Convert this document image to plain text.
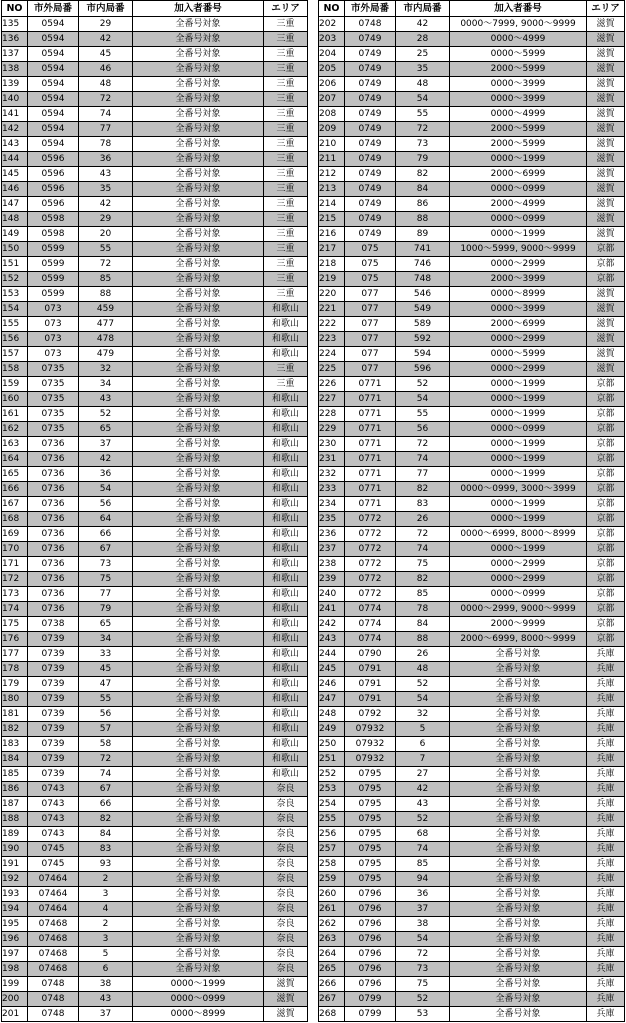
NO	市外局番	市内局番	加入者番号	エリア
135	0594	29	全番号対象	三重
136	0594	42	全番号対象	三重
137	0594	45	全番号対象	三重
138	0594	46	全番号対象	三重
139	0594	48	全番号対象	三重
140	0594	72	全番号対象	三重
141	0594	74	全番号対象	三重
142	0594	77	全番号対象	三重
143	0594	78	全番号対象	三重
144	0596	36	全番号対象	三重
145	0596	43	全番号対象	三重
146	0596	35	全番号対象	三重
147	0596	42	全番号対象	三重
148	0598	29	全番号対象	三重
149	0598	20	全番号対象	三重
150	0599	55	全番号対象	三重
151	0599	72	全番号対象	三重
152	0599	85	全番号対象	三重
153	0599	88	全番号対象	三重
154	073	459	全番号対象	和歌山
155	073	477	全番号対象	和歌山
156	073	478	全番号対象	和歌山
157	073	479	全番号対象	和歌山
158	0735	32	全番号対象	三重
159	0735	34	全番号対象	三重
160	0735	43	全番号対象	和歌山
161	0735	52	全番号対象	和歌山
162	0735	65	全番号対象	和歌山
163	0736	37	全番号対象	和歌山
164	0736	42	全番号対象	和歌山
165	0736	36	全番号対象	和歌山
166	0736	54	全番号対象	和歌山
167	0736	56	全番号対象	和歌山
168	0736	64	全番号対象	和歌山
169	0736	66	全番号対象	和歌山
170	0736	67	全番号対象	和歌山
171	0736	73	全番号対象	和歌山
172	0736	75	全番号対象	和歌山
173	0736	77	全番号対象	和歌山
174	0736	79	全番号対象	和歌山
175	0738	65	全番号対象	和歌山
176	0739	34	全番号対象	和歌山
177	0739	33	全番号対象	和歌山
178	0739	45	全番号対象	和歌山
179	0739	47	全番号対象	和歌山
180	0739	55	全番号対象	和歌山
181	0739	56	全番号対象	和歌山
182	0739	57	全番号対象	和歌山
183	0739	58	全番号対象	和歌山
184	0739	72	全番号対象	和歌山
185	0739	74	全番号対象	和歌山
186	0743	67	全番号対象	奈良
187	0743	66	全番号対象	奈良
188	0743	82	全番号対象	奈良
189	0743	84	全番号対象	奈良
190	0745	83	全番号対象	奈良
191	0745	93	全番号対象	奈良
192	07464	2	全番号対象	奈良
193	07464	3	全番号対象	奈良
194	07464	4	全番号対象	奈良
195	07468	2	全番号対象	奈良
196	07468	3	全番号対象	奈良
197	07468	5	全番号対象	奈良
198	07468	6	全番号対象	奈良
199	0748	38	0000～1999	滋賀
200	0748	43	0000～0999	滋賀
201	0748	37	0000～8999	滋賀
NO	市外局番	市内局番	加入者番号	エリア
202	0748	42	0000～7999, 9000～9999	滋賀
203	0749	28	0000～4999	滋賀
204	0749	25	0000～5999	滋賀
205	0749	35	2000～5999	滋賀
206	0749	48	0000～3999	滋賀
207	0749	54	0000～3999	滋賀
208	0749	55	0000～4999	滋賀
209	0749	72	2000～5999	滋賀
210	0749	73	2000～5999	滋賀
211	0749	79	0000～1999	滋賀
212	0749	82	2000～6999	滋賀
213	0749	84	0000～0999	滋賀
214	0749	86	2000～4999	滋賀
215	0749	88	0000～0999	滋賀
216	0749	89	0000～1999	滋賀
217	075	741	1000～5999, 9000～9999	京都
218	075	746	0000～2999	京都
219	075	748	2000～3999	京都
220	077	546	0000～8999	滋賀
221	077	549	0000～3999	滋賀
222	077	589	2000～6999	滋賀
223	077	592	0000～2999	滋賀
224	077	594	0000～5999	滋賀
225	077	596	0000～2999	滋賀
226	0771	52	0000～1999	京都
227	0771	54	0000～1999	京都
228	0771	55	0000～1999	京都
229	0771	56	0000～0999	京都
230	0771	72	0000～1999	京都
231	0771	74	0000～1999	京都
232	0771	77	0000～1999	京都
233	0771	82	0000～0999, 3000～3999	京都
234	0771	83	0000～1999	京都
235	0772	26	0000～1999	京都
236	0772	72	0000～6999, 8000～8999	京都
237	0772	74	0000～1999	京都
238	0772	75	0000～2999	京都
239	0772	82	0000～2999	京都
240	0772	85	0000～0999	京都
241	0774	78	0000～2999, 9000～9999	京都
242	0774	84	2000～9999	京都
243	0774	88	2000～6999, 8000～9999	京都
244	0790	26	全番号対象	兵庫
245	0791	48	全番号対象	兵庫
246	0791	52	全番号対象	兵庫
247	0791	54	全番号対象	兵庫
248	0792	32	全番号対象	兵庫
249	07932	5	全番号対象	兵庫
250	07932	6	全番号対象	兵庫
251	07932	7	全番号対象	兵庫
252	0795	27	全番号対象	兵庫
253	0795	42	全番号対象	兵庫
254	0795	43	全番号対象	兵庫
255	0795	52	全番号対象	兵庫
256	0795	68	全番号対象	兵庫
257	0795	74	全番号対象	兵庫
258	0795	85	全番号対象	兵庫
259	0795	94	全番号対象	兵庫
260	0796	36	全番号対象	兵庫
261	0796	37	全番号対象	兵庫
262	0796	38	全番号対象	兵庫
263	0796	54	全番号対象	兵庫
264	0796	72	全番号対象	兵庫
265	0796	73	全番号対象	兵庫
266	0796	75	全番号対象	兵庫
267	0799	52	全番号対象	兵庫
268	0799	53	全番号対象	兵庫
